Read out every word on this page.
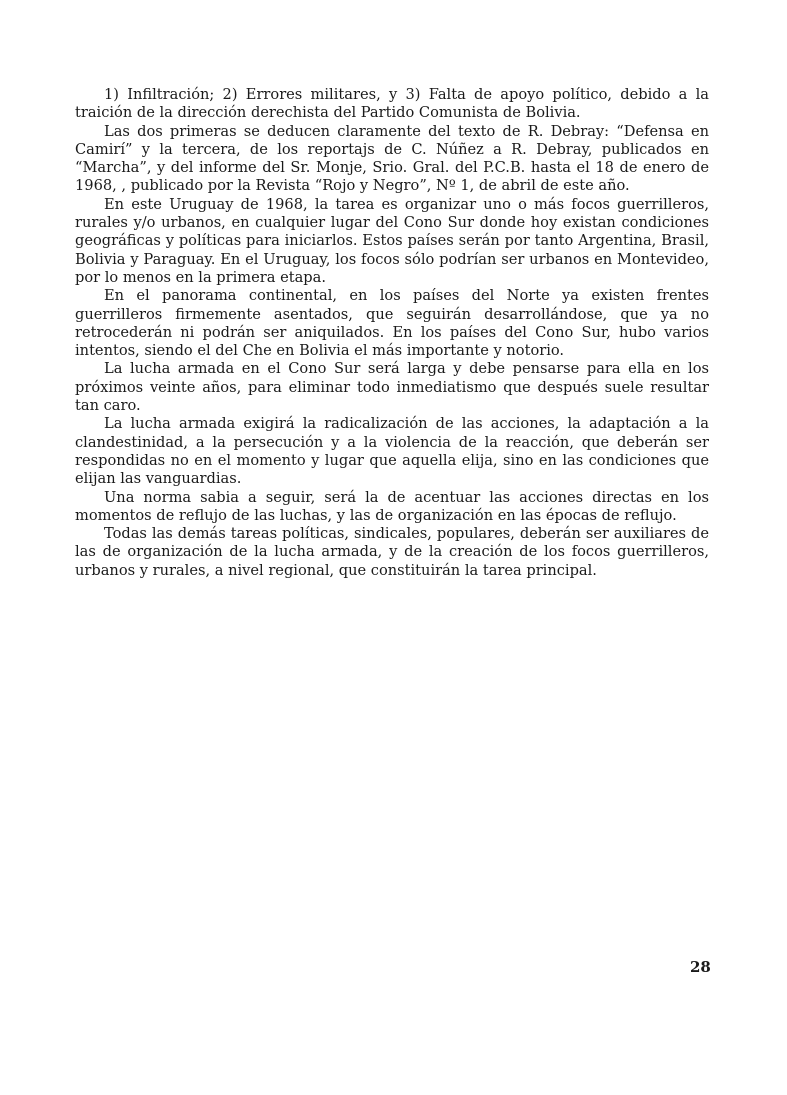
1) Infiltración; 2) Errores militares, y 3) Falta de apoyo político, debido a la traición de la dirección derechista del Partido Comunista de Bolivia.

Las dos primeras se deducen claramente del texto de R. Debray: “Defensa en Camirí” y la tercera, de los reportajs de C. Núñez a R. Debray, publicados en “Marcha”, y del informe del Sr. Monje, Srio. Gral. del P.C.B. hasta el 18 de enero de 1968, , publicado por la Revista “Rojo y Negro”, Nº 1, de abril de este año.

En este Uruguay de 1968, la tarea es organizar uno o más focos guerrilleros, rurales y/o urbanos, en cualquier lugar del Cono Sur donde hoy existan condiciones geográficas y políticas para iniciarlos. Estos países serán por tanto Argentina, Brasil, Bolivia y Paraguay. En el Uruguay, los focos sólo podrían ser urbanos en Montevideo, por lo menos en la primera etapa.

En el panorama continental, en los países del Norte ya existen frentes guerrilleros firmemente asentados, que seguirán desarrollándose, que ya no retrocederán ni podrán ser aniquilados. En los países del Cono Sur, hubo varios intentos, siendo el del Che en Bolivia el más importante y notorio.

La lucha armada en el Cono Sur será larga y debe pensarse para ella en los próximos veinte años, para eliminar todo inmediatismo que después suele resultar tan caro.

La lucha armada exigirá la radicalización de las acciones, la adaptación a la clandestinidad, a la persecución y a la violencia de la reacción, que deberán ser respondidas no en el momento y lugar que aquella elija, sino en las condiciones que elijan las vanguardias.

Una norma sabia a seguir, será la de acentuar las acciones directas en los momentos de reflujo de las luchas, y las de organización en las épocas de reflujo.

Todas las demás tareas políticas, sindicales, populares, deberán ser auxiliares de las de organización de la lucha armada, y de la creación de los focos guerrilleros, urbanos y rurales, a nivel regional, que constituirán la tarea principal.

28
